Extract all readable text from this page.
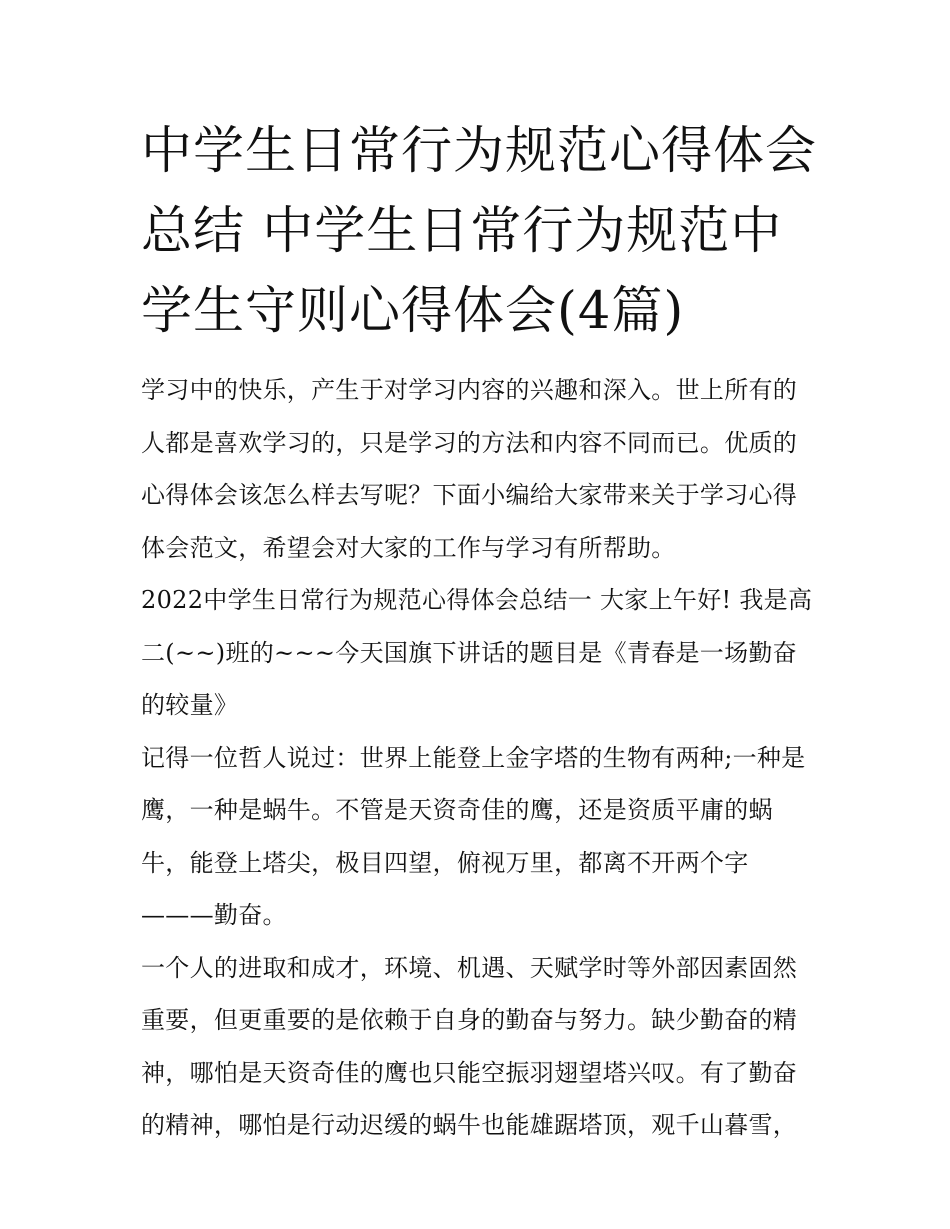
中学生日常行为规范心得体会总结 中学生日常行为规范中学生守则心得体会(4篇)

学习中的快乐，产生于对学习内容的兴趣和深入。世上所有的人都是喜欢学习的，只是学习的方法和内容不同而已。优质的心得体会该怎么样去写呢？下面小编给大家带来关于学习心得体会范文，希望会对大家的工作与学习有所帮助。

2022中学生日常行为规范心得体会总结一 大家上午好! 我是高二(~~)班的~~~今天国旗下讲话的题目是《青春是一场勤奋的较量》

记得一位哲人说过：世界上能登上金字塔的生物有两种;一种是鹰，一种是蜗牛。不管是天资奇佳的鹰，还是资质平庸的蜗牛，能登上塔尖，极目四望，俯视万里，都离不开两个字———勤奋。

一个人的进取和成才，环境、机遇、天赋学时等外部因素固然重要，但更重要的是依赖于自身的勤奋与努力。缺少勤奋的精神，哪怕是天资奇佳的鹰也只能空振羽翅望塔兴叹。有了勤奋的精神，哪怕是行动迟缓的蜗牛也能雄踞塔顶，观千山暮雪，
